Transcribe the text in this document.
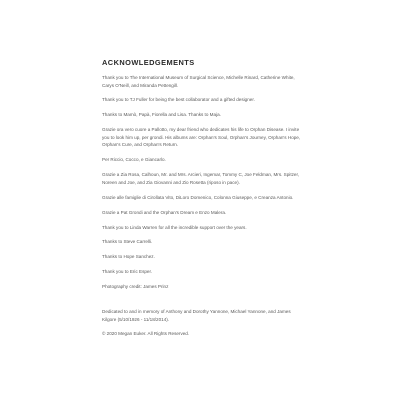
ACKNOWLEDGEMENTS

Thank you to The International Museum of Surgical Science, Michelle Rinard, Catherine White, Carys O'Neill, and Miranda Pettengill.

Thank you to TJ Fuller for being the best collaborator and a gifted designer.

Thanks to Mamò, Papà, Fiorella and Lisa. Thanks to Maja.

Grazie ora vero cuore a Pallotto, my dear friend who dedicates his life to Orphan Disease. I invite you to look him up, per grondi. His albums are: Orphan's Soul, Orphan's Journey, Orphan's Hope, Orphan's Cure, and Orphan's Return.

Per Riccio, Cocco, e Giancarlo.

Grazie a Zia Rosa, Calhoun, Mr. and Mrs. Arcieri, Ingemar, Tommy C, Joe Feldman, Mrs. Spitzer, Noreen and Joe, and Zia Giovanni and Zio Rosetta (riposo in pace).

Grazie alle famiglie di Cirollata Vito, DiLoro Domenico, Colonna Giuseppe, e Creanza Antonio.

Grazie a Pat Grondi and the Orphan's Dream e Enzo Malera.

Thank you to Linda Warren for all the incredible support over the years.

Thanks to Steve Carrelli.

Thanks to Hope Sanchez.

Thank you to Eric Esper.

Photography credit: James Prinz

Dedicated to and in memory of Anthony and Dorothy Yannone, Michael Yannone, and James Kilgore (5/10/1926 - 11/18/2014).

© 2020 Megan Euker. All Rights Reserved.
